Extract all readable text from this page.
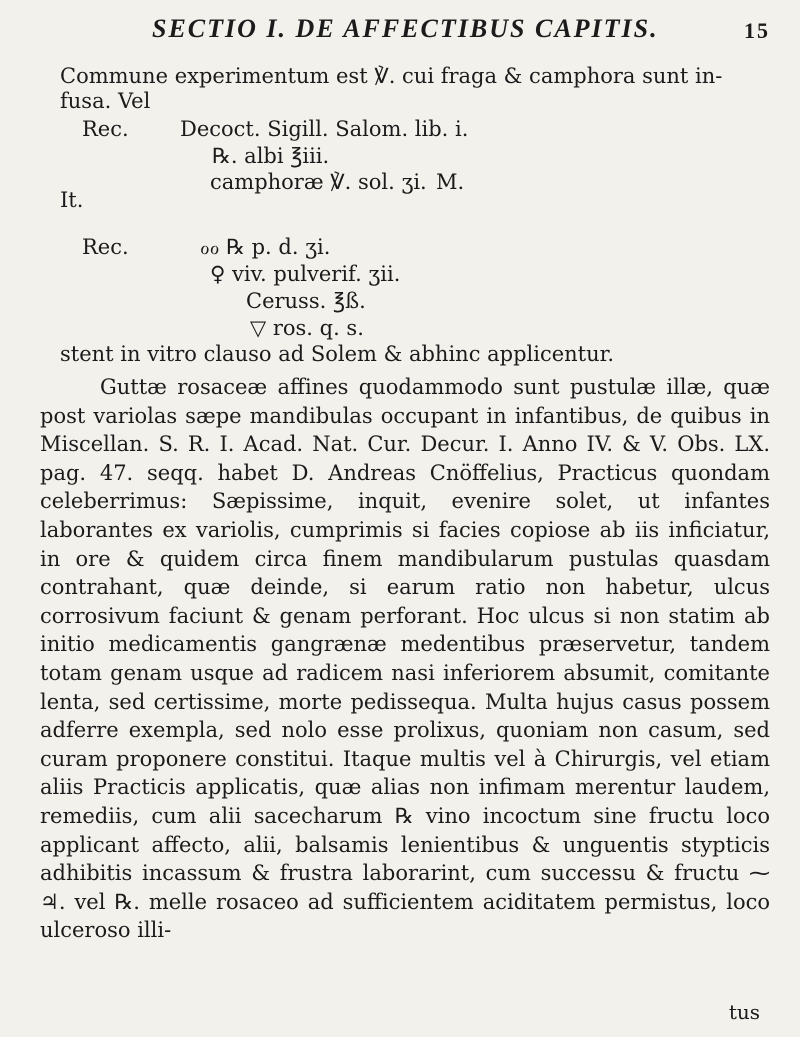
SECTIO I. DE AFFECTIBUS CAPITIS.	15
Commune experimentum est ℣. cui fraga & camphora sunt in-
fusa. Vel
Rec. Decoct. Sigill. Salom. lib. i.
℞. albi ℥iii.
camphoræ ℣. sol. ʒi. M.
It.
Rec.	ℴℴ ℞ p. d. ʒi.
♀ viv. pulverif. ʒii.
Ceruss. ℥ß.
▽ ros. q. s.
stent in vitro clauso ad Solem & abhinc applicentur.

Guttæ rosaceæ affines quodammodo sunt pustulæ illæ, quæ post variolas sæpe mandibulas occupant in infantibus, de quibus in Miscellan. S. R. I. Acad. Nat. Cur. Decur. I. Anno IV. & V. Obs. LX. pag. 47. seqq. habet D. Andreas Cnöffelius, Practicus quondam celeberrimus: Sæpissime, inquit, evenire solet, ut infantes laborantes ex variolis, cumprimis si facies copiose ab iis inficiatur, in ore & quidem circa finem mandibularum pustulas quasdam contrahant, quæ deinde, si earum ratio non habetur, ulcus corrosivum faciunt & genam perforant. Hoc ulcus si non statim ab initio medicamentis gangrænæ medentibus præservetur, tandem totam genam usque ad radicem nasi inferiorem absumit, comitante lenta, sed certissime, morte pedissequa. Multa hujus casus possem adferre exempla, sed nolo esse prolixus, quoniam non casum, sed curam proponere constitui. Itaque multis vel à Chirurgis, vel etiam aliis Practicis applicatis, quæ alias non infimam merentur laudem, remediis, cum alii sacecharum ℞ vino incoctum sine fructu loco applicant affecto, alii, balsamis lenientibus & unguentis stypticis adhibitis incassum & frustra laborarint, cum successu & fructu ⁓ ♃. vel ℞. melle rosaceo ad sufficientem aciditatem permistus, loco ulceroso illi-

tus
